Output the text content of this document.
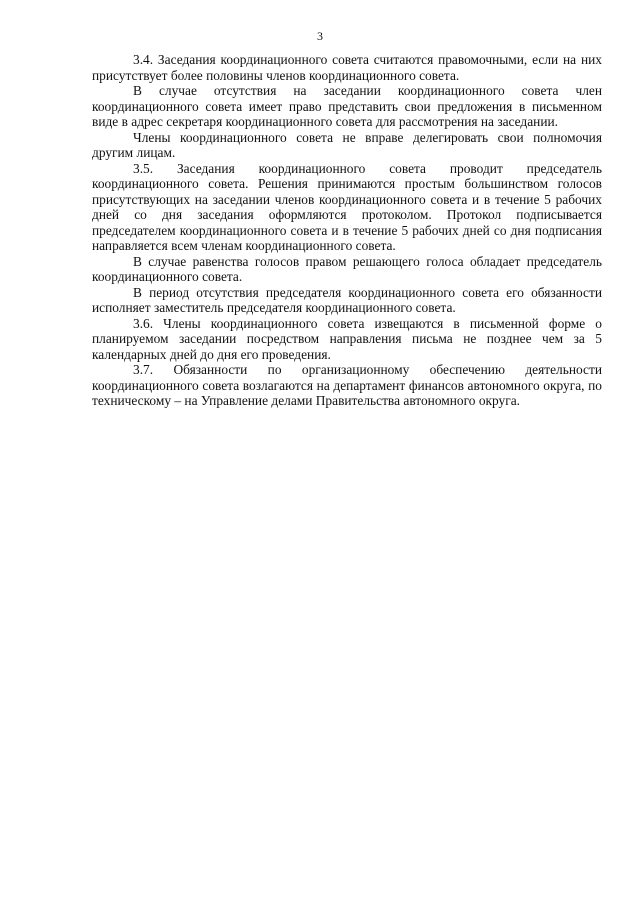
3

3.4. Заседания координационного совета считаются правомочными, если на них присутствует более половины членов координационного совета.

В случае отсутствия на заседании координационного совета член координационного совета имеет право представить свои предложения в письменном виде в адрес секретаря координационного совета для рассмотрения на заседании.

Члены координационного совета не вправе делегировать свои полномочия другим лицам.

3.5. Заседания координационного совета проводит председатель координационного совета. Решения принимаются простым большинством голосов присутствующих на заседании членов координационного совета и в течение 5 рабочих дней со дня заседания оформляются протоколом. Протокол подписывается председателем координационного совета и в течение 5 рабочих дней со дня подписания направляется всем членам координационного совета.

В случае равенства голосов правом решающего голоса обладает председатель координационного совета.

В период отсутствия председателя координационного совета его обязанности исполняет заместитель председателя координационного совета.

3.6. Члены координационного совета извещаются в письменной форме о планируемом заседании посредством направления письма не позднее чем за 5 календарных дней до дня его проведения.

3.7. Обязанности по организационному обеспечению деятельности координационного совета возлагаются на департамент финансов автономного округа, по техническому – на Управление делами Правительства автономного округа.
